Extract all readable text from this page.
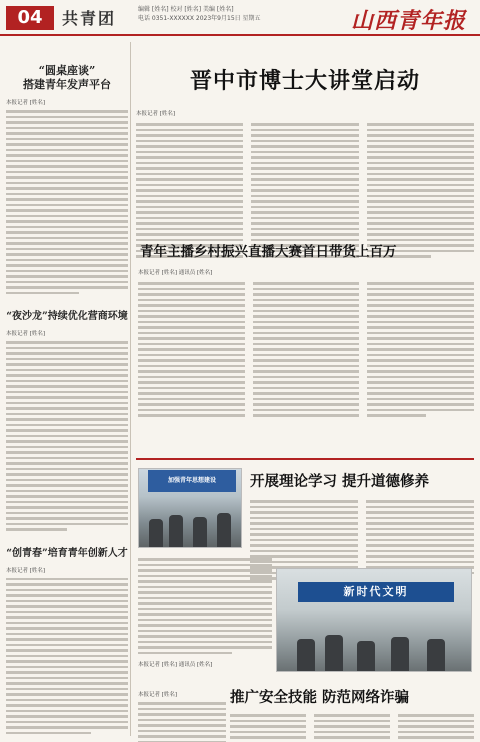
04	共青团	编辑 [姓名] 校对 [姓名] 美编 [姓名]
电话 0351-XXXXXX 2023年9月15日 星期五	山西青年报
“圆桌座谈”
搭建青年发声平台
本报记者 [姓名]
“夜沙龙”持续优化营商环境
本报记者 [姓名]
“创青春”培育青年创新人才
本报记者 [姓名]
晋中市博士大讲堂启动
本报记者 [姓名]
青年主播乡村振兴直播大赛首日带货上百万
本报记者 [姓名] 通讯员 [姓名]
加强青年思想建设	开展理论学习 提升道德修养
本报记者 [姓名] 通讯员 [姓名]
新时代文明
推广安全技能 防范网络诈骗
本报记者 [姓名]
